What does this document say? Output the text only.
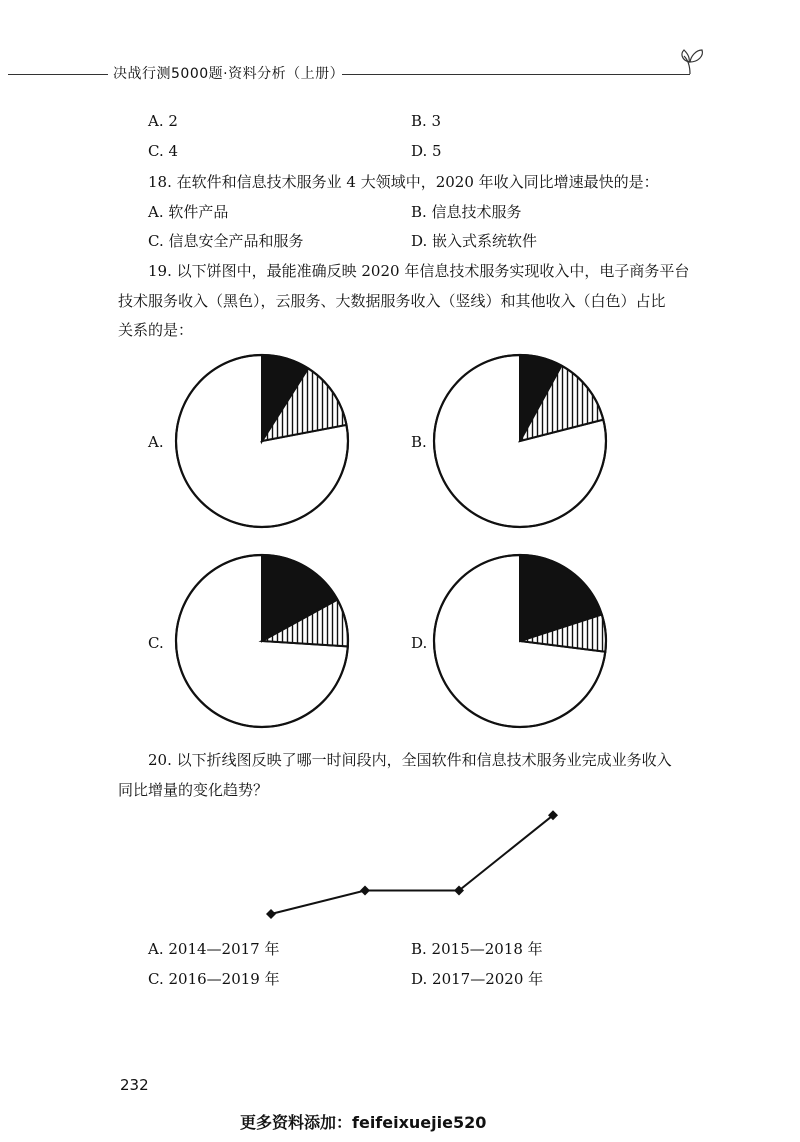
决战行测5000题·资料分析（上册）
A. 2	B. 3
C. 4	D. 5
18. 在软件和信息技术服务业 4 大领域中，2020 年收入同比增速最快的是：
A. 软件产品	B. 信息技术服务
C. 信息安全产品和服务	D. 嵌入式系统软件
19. 以下饼图中，最能准确反映 2020 年信息技术服务实现收入中，电子商务平台
技术服务收入（黑色），云服务、大数据服务收入（竖线）和其他收入（白色）占比
关系的是：
A.	B.
C.	D.
20. 以下折线图反映了哪一时间段内，全国软件和信息技术服务业完成业务收入
同比增量的变化趋势？
A. 2014—2017 年	B. 2015—2018 年
C. 2016—2019 年	D. 2017—2020 年
232
更多资料添加：feifeixuejie520
